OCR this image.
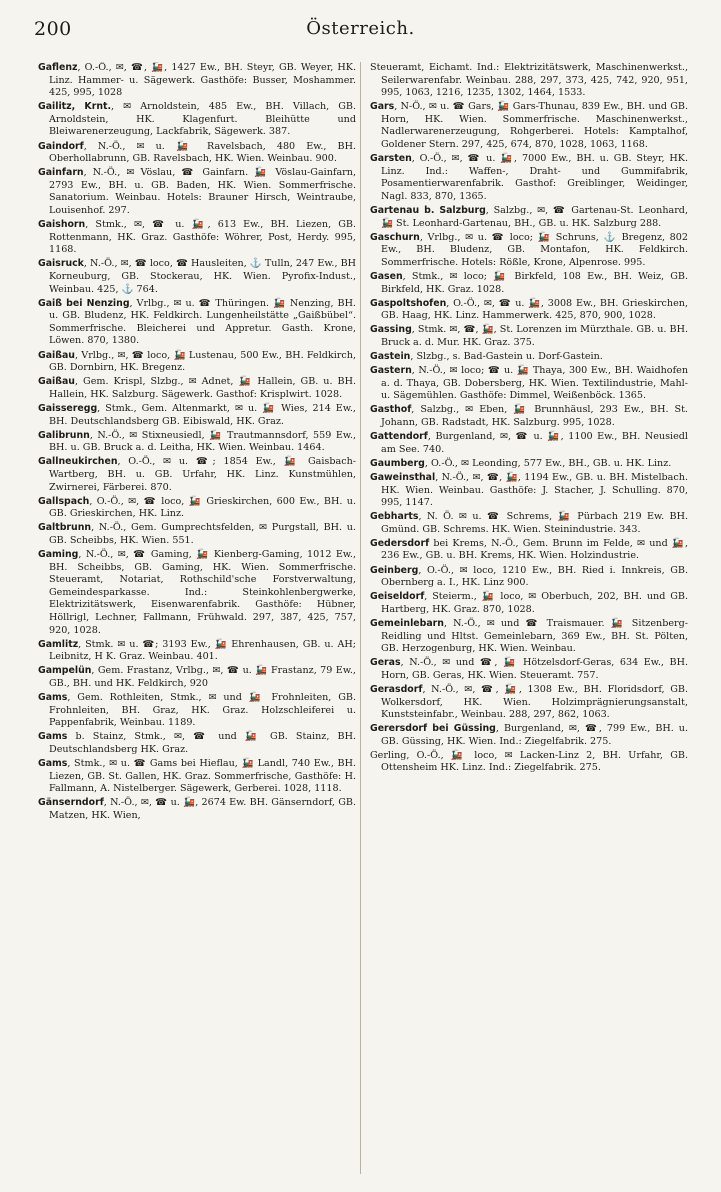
200	Österreich.

Gaflenz, O.-Ö., ✉, ☎, 🚂, 1427 Ew., BH. Steyr, GB. Weyer, HK. Linz. Hammer- u. Sägewerk. Gasthöfe: Busser, Moshammer. 425, 995, 1028

Gailitz, Krnt., ✉ Arnoldstein, 485 Ew., BH. Villach, GB. Arnoldstein, HK. Klagenfurt. Bleihütte und Bleiwarenerzeugung, Lackfabrik, Sägewerk. 387.

Gaindorf, N.-Ö., ✉ u. 🚂 Ravelsbach, 480 Ew., BH. Oberhollabrunn, GB. Ravelsbach, HK. Wien. Weinbau. 900.

Gainfarn, N.-Ö., ✉ Vöslau, ☎ Gainfarn. 🚂 Vöslau-Gainfarn, 2793 Ew., BH. u. GB. Baden, HK. Wien. Sommerfrische. Sanatorium. Weinbau. Hotels: Brauner Hirsch, Weintraube, Louisenhof. 297.

Gaishorn, Stmk., ✉, ☎ u. 🚂, 613 Ew., BH. Liezen, GB. Rottenmann, HK. Graz. Gasthöfe: Wöhrer, Post, Herdy. 995, 1168.

Gaisruck, N.-Ö., ✉, ☎ loco, ☎ Hausleiten, ⚓ Tulln, 247 Ew., BH Korneuburg, GB. Stockerau, HK. Wien. Pyrofix-Indust., Weinbau. 425, ⚓ 764.

Gaiß bei Nenzing, Vrlbg., ✉ u. ☎ Thüringen. 🚂 Nenzing, BH. u. GB. Bludenz, HK. Feldkirch. Lungenheilstätte „Gaißbübel“. Sommerfrische. Bleicherei und Appretur. Gasth. Krone, Löwen. 870, 1380.

Gaißau, Vrlbg., ✉, ☎ loco, 🚂 Lustenau, 500 Ew., BH. Feldkirch, GB. Dornbirn, HK. Bregenz.

Gaißau, Gem. Krispl, Slzbg., ✉ Adnet, 🚂 Hallein, GB. u. BH. Hallein, HK. Salzburg. Sägewerk. Gasthof: Krisplwirt. 1028.

Gaisseregg, Stmk., Gem. Altenmarkt, ✉ u. 🚂 Wies, 214 Ew., BH. Deutschlandsberg GB. Eibiswald, HK. Graz.

Galibrunn, N.-Ö., ✉ Stixneusiedl, 🚂 Trautmannsdorf, 559 Ew., BH. u. GB. Bruck a. d. Leitha, HK. Wien. Weinbau. 1464.

Gallneukirchen, O.-Ö., ✉ u. ☎; 1854 Ew., 🚂 Gaisbach-Wartberg, BH. u. GB. Urfahr, HK. Linz. Kunstmühlen, Zwirnerei, Färberei. 870.

Gallspach, O.-Ö., ✉, ☎ loco, 🚂 Grieskirchen, 600 Ew., BH. u. GB. Grieskirchen, HK. Linz.

Galtbrunn, N.-Ö., Gem. Gumprechtsfelden, ✉ Purgstall, BH. u. GB. Scheibbs, HK. Wien. 551.

Gaming, N.-Ö., ✉, ☎ Gaming, 🚂 Kienberg-Gaming, 1012 Ew., BH. Scheibbs, GB. Gaming, HK. Wien. Sommerfrische. Steueramt, Notariat, Rothschild'sche Forstverwaltung, Gemeindesparkasse. Ind.: Steinkohlenbergwerke, Elektrizitätswerk, Eisenwarenfabrik. Gasthöfe: Hübner, Höllrigl, Lechner, Fallmann, Frühwald. 297, 387, 425, 757, 920, 1028.

Gamlitz, Stmk. ✉ u. ☎; 3193 Ew., 🚂 Ehrenhausen, GB. u. AH; Leibnitz, H K. Graz. Weinbau. 401.

Gampelün, Gem. Frastanz, Vrlbg., ✉, ☎ u. 🚂 Frastanz, 79 Ew., GB., BH. und HK. Feldkirch, 920

Gams, Gem. Rothleiten, Stmk., ✉ und 🚂 Frohnleiten, GB. Frohnleiten, BH. Graz, HK. Graz. Holzschleiferei u. Pappenfabrik, Weinbau. 1189.

Gams b. Stainz, Stmk., ✉, ☎ und 🚂 GB. Stainz, BH. Deutschlandsberg HK. Graz.

Gams, Stmk., ✉ u. ☎ Gams bei Hieflau, 🚂 Landl, 740 Ew., BH. Liezen, GB. St. Gallen, HK. Graz. Sommerfrische, Gasthöfe: H. Fallmann, A. Nistelberger. Sägewerk, Gerberei. 1028, 1118.

Gänserndorf, N.-Ö., ✉, ☎ u. 🚂, 2674 Ew. BH. Gänserndorf, GB. Matzen, HK. Wien,

Steueramt, Eichamt. Ind.: Elektrizitätswerk, Maschinenwerkst., Seilerwarenfabr. Weinbau. 288, 297, 373, 425, 742, 920, 951, 995, 1063, 1216, 1235, 1302, 1464, 1533.

Gars, N-Ö., ✉ u. ☎ Gars, 🚂 Gars-Thunau, 839 Ew., BH. und GB. Horn, HK. Wien. Sommerfrische. Maschinenwerkst., Nadlerwarenerzeugung, Rohgerberei. Hotels: Kamptalhof, Goldener Stern. 297, 425, 674, 870, 1028, 1063, 1168.

Garsten, O.-Ö., ✉, ☎ u. 🚂, 7000 Ew., BH. u. GB. Steyr, HK. Linz. Ind.: Waffen-, Draht- und Gummifabrik, Posamentierwarenfabrik. Gasthof: Greiblinger, Weidinger, Nagl. 833, 870, 1365.

Gartenau b. Salzburg, Salzbg., ✉, ☎ Gartenau-St. Leonhard, 🚂 St. Leonhard-Gartenau, BH., GB. u. HK. Salzburg 288.

Gaschurn, Vrlbg., ✉ u. ☎ loco; 🚂 Schruns, ⚓ Bregenz, 802 Ew., BH. Bludenz, GB. Montafon, HK. Feldkirch. Sommerfrische. Hotels: Rößle, Krone, Alpenrose. 995.

Gasen, Stmk., ✉ loco; 🚂 Birkfeld, 108 Ew., BH. Weiz, GB. Birkfeld, HK. Graz. 1028.

Gaspoltshofen, O.-Ö., ✉, ☎ u. 🚂, 3008 Ew., BH. Grieskirchen, GB. Haag, HK. Linz. Hammerwerk. 425, 870, 900, 1028.

Gassing, Stmk. ✉, ☎, 🚂, St. Lorenzen im Mürzthale. GB. u. BH. Bruck a. d. Mur. HK. Graz. 375.

Gastein, Slzbg., s. Bad-Gastein u. Dorf-Gastein.

Gastern, N.-Ö., ✉ loco; ☎ u. 🚂 Thaya, 300 Ew., BH. Waidhofen a. d. Thaya, GB. Dobersberg, HK. Wien. Textilindustrie, Mahl- u. Sägemühlen. Gasthöfe: Dimmel, Weißenböck. 1365.

Gasthof, Salzbg., ✉ Eben, 🚂 Brunnhäusl, 293 Ew., BH. St. Johann, GB. Radstadt, HK. Salzburg. 995, 1028.

Gattendorf, Burgenland, ✉, ☎ u. 🚂, 1100 Ew., BH. Neusiedl am See. 740.

Gaumberg, O.-Ö., ✉ Leonding, 577 Ew., BH., GB. u. HK. Linz.

Gaweinsthal, N.-Ö., ✉, ☎, 🚂, 1194 Ew., GB. u. BH. Mistelbach. HK. Wien. Weinbau. Gasthöfe: J. Stacher, J. Schulling. 870, 995, 1147.

Gebharts, N. Ö. ✉ u. ☎ Schrems, 🚂 Pürbach 219 Ew. BH. Gmünd. GB. Schrems. HK. Wien. Steinindustrie. 343.

Gedersdorf bei Krems, N.-Ö., Gem. Brunn im Felde, ✉ und 🚂, 236 Ew., GB. u. BH. Krems, HK. Wien. Holzindustrie.

Geinberg, O.-Ö., ✉ loco, 1210 Ew., BH. Ried i. Innkreis, GB. Obernberg a. I., HK. Linz 900.

Geiseldorf, Steierm., 🚂 loco, ✉ Oberbuch, 202, BH. und GB. Hartberg, HK. Graz. 870, 1028.

Gemeinlebarn, N.-Ö., ✉ und ☎ Traismauer. 🚂 Sitzenberg-Reidling und Hltst. Gemeinlebarn, 369 Ew., BH. St. Pölten, GB. Herzogenburg, HK. Wien. Weinbau.

Geras, N.-Ö., ✉ und ☎, 🚂 Hötzelsdorf-Geras, 634 Ew., BH. Horn, GB. Geras, HK. Wien. Steueramt. 757.

Gerasdorf, N.-Ö., ✉, ☎, 🚂, 1308 Ew., BH. Floridsdorf, GB. Wolkersdorf, HK. Wien. Holzimprägnierungsanstalt, Kunststeinfabr., Weinbau. 288, 297, 862, 1063.

Gerersdorf bei Güssing, Burgenland, ✉, ☎, 799 Ew., BH. u. GB. Güssing, HK. Wien. Ind.: Ziegelfabrik. 275.

Gerling, O.-Ö., 🚂 loco, ✉ Lacken-Linz 2, BH. Urfahr, GB. Ottensheim HK. Linz. Ind.: Ziegelfabrik. 275.
